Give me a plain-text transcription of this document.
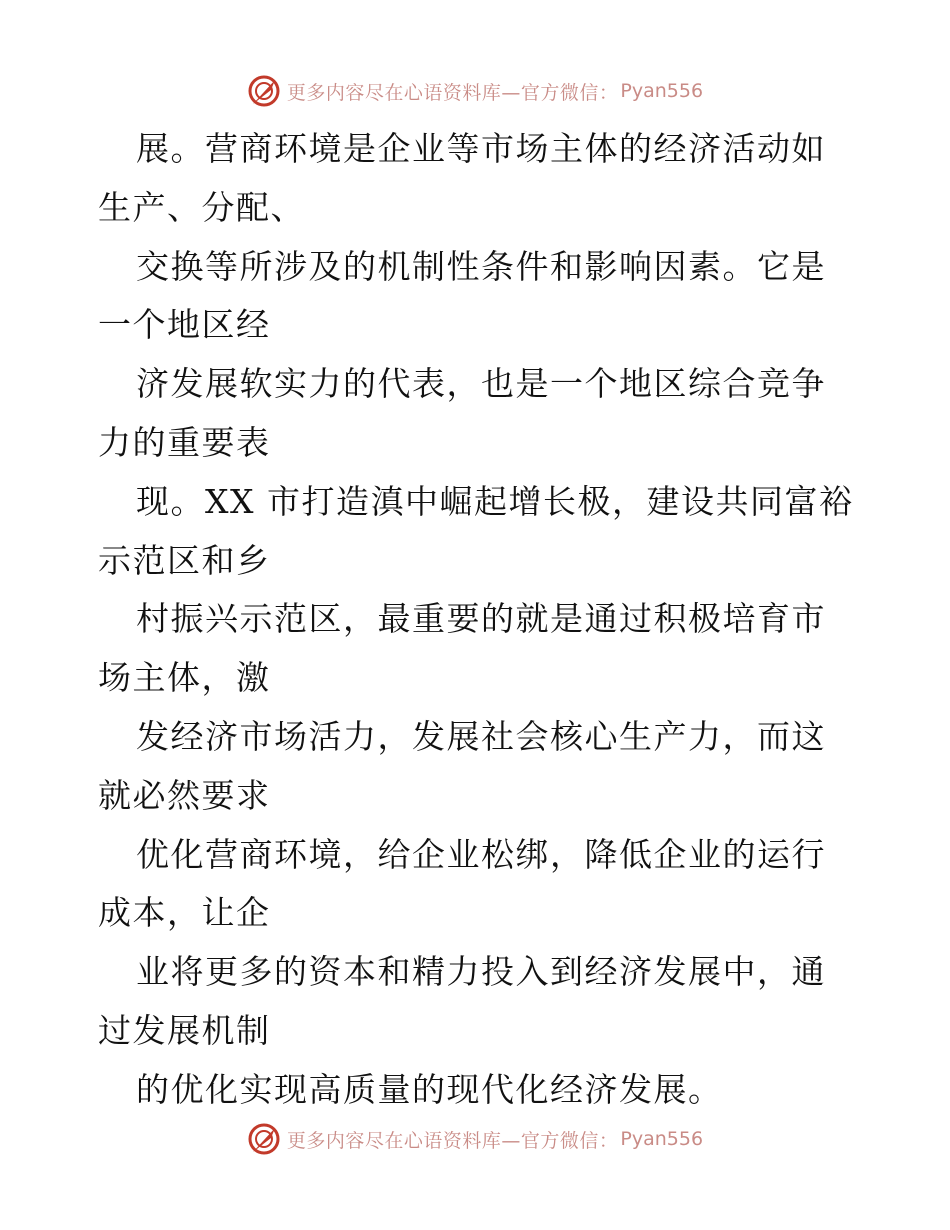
更多内容尽在心语资料库—官方微信： Pyan556

展。营商环境是企业等市场主体的经济活动如生产、分配、

交换等所涉及的机制性条件和影响因素。它是一个地区经

济发展软实力的代表，也是一个地区综合竞争力的重要表

现。XX 市打造滇中崛起增长极，建设共同富裕示范区和乡

村振兴示范区，最重要的就是通过积极培育市场主体，激

发经济市场活力，发展社会核心生产力，而这就必然要求

优化营商环境，给企业松绑，降低企业的运行成本，让企

业将更多的资本和精力投入到经济发展中，通过发展机制

的优化实现高质量的现代化经济发展。

更多内容尽在心语资料库—官方微信： Pyan556
